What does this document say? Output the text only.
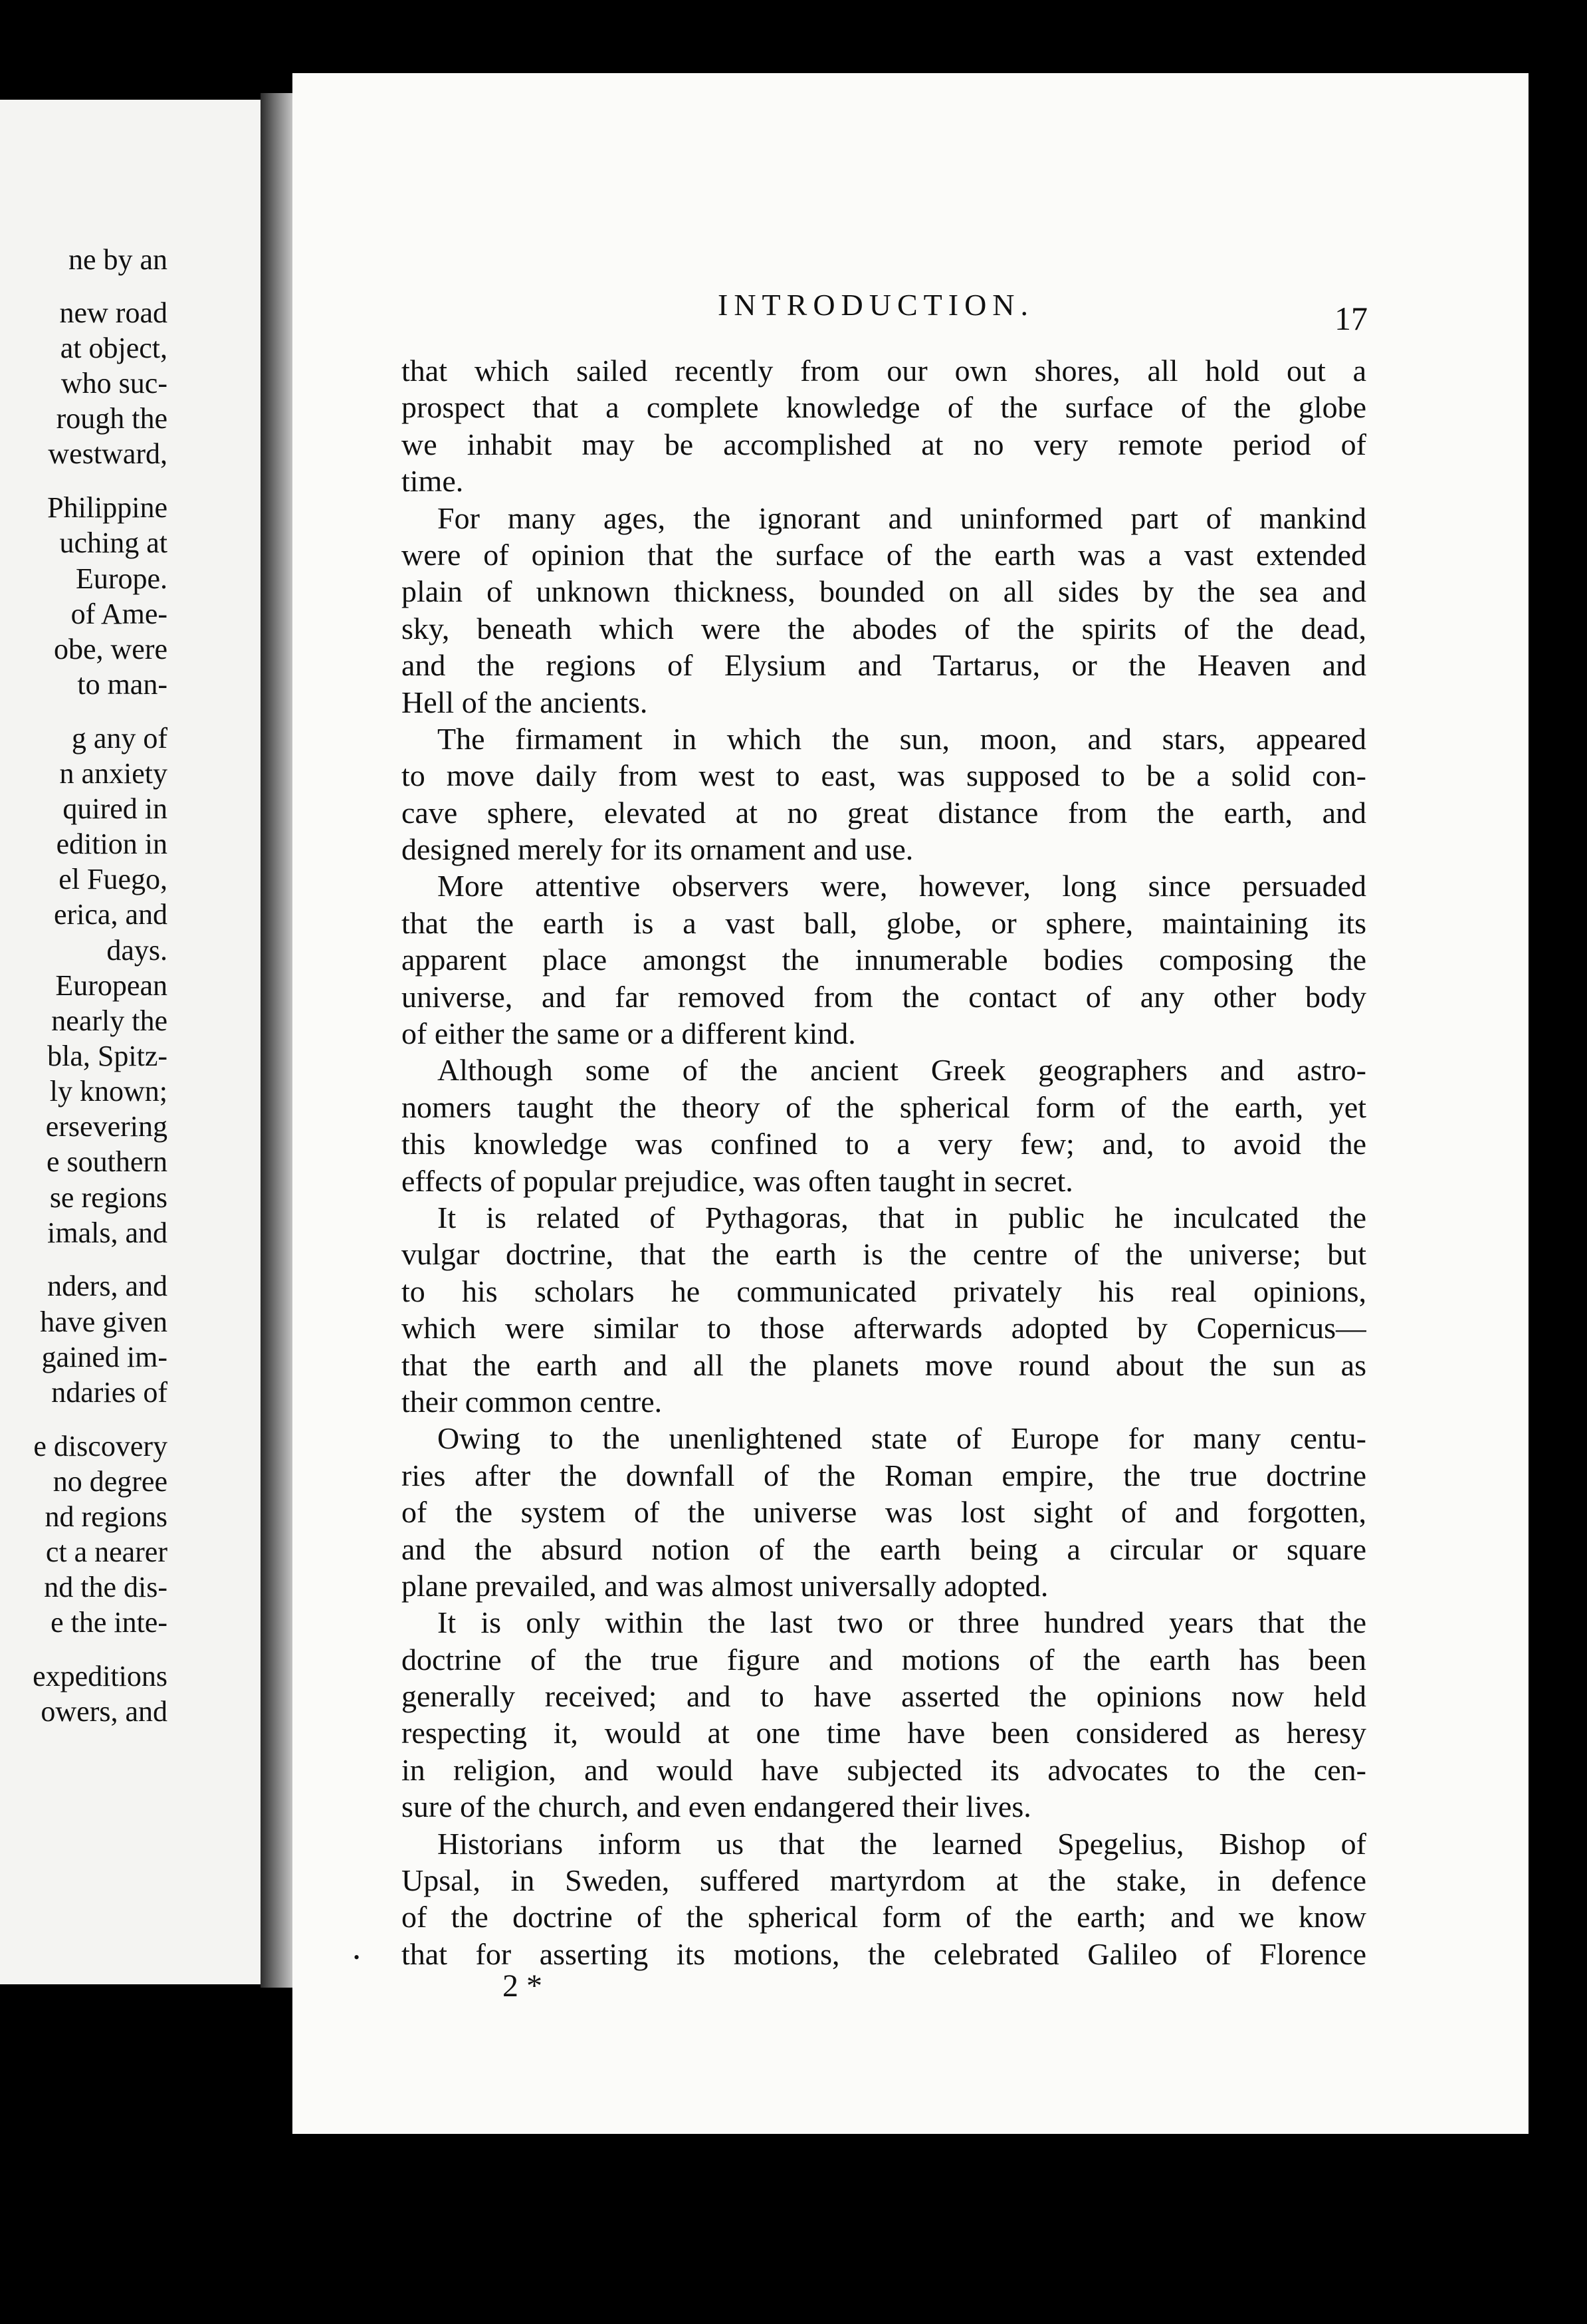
ne by an
new road
at object,
who suc-
rough the
westward,
Philippine
uching at
Europe.
of Ame-
obe, were
to man-
g any of
n anxiety
quired in
edition in
el Fuego,
erica, and
days.
European
nearly the
bla, Spitz-
ly known;
ersevering
e southern
se regions
imals, and
nders, and
have given
gained im-
ndaries of
e discovery
no degree
nd regions
ct a nearer
nd the dis-
e the inte-
expeditions
owers, and
INTRODUCTION.	17
that which sailed recently from our own shores, all hold out a
prospect that a complete knowledge of the surface of the globe
we inhabit may be accomplished at no very remote period of
time.
For many ages, the ignorant and uninformed part of mankind
were of opinion that the surface of the earth was a vast extended
plain of unknown thickness, bounded on all sides by the sea and
sky, beneath which were the abodes of the spirits of the dead,
and the regions of Elysium and Tartarus, or the Heaven and
Hell of the ancients.
The firmament in which the sun, moon, and stars, appeared
to move daily from west to east, was supposed to be a solid con-
cave sphere, elevated at no great distance from the earth, and
designed merely for its ornament and use.
More attentive observers were, however, long since persuaded
that the earth is a vast ball, globe, or sphere, maintaining its
apparent place amongst the innumerable bodies composing the
universe, and far removed from the contact of any other body
of either the same or a different kind.
Although some of the ancient Greek geographers and astro-
nomers taught the theory of the spherical form of the earth, yet
this knowledge was confined to a very few; and, to avoid the
effects of popular prejudice, was often taught in secret.
It is related of Pythagoras, that in public he inculcated the
vulgar doctrine, that the earth is the centre of the universe; but
to his scholars he communicated privately his real opinions,
which were similar to those afterwards adopted by Copernicus—
that the earth and all the planets move round about the sun as
their common centre.
Owing to the unenlightened state of Europe for many centu-
ries after the downfall of the Roman empire, the true doctrine
of the system of the universe was lost sight of and forgotten,
and the absurd notion of the earth being a circular or square
plane prevailed, and was almost universally adopted.
It is only within the last two or three hundred years that the
doctrine of the true figure and motions of the earth has been
generally received; and to have asserted the opinions now held
respecting it, would at one time have been considered as heresy
in religion, and would have subjected its advocates to the cen-
sure of the church, and even endangered their lives.
Historians inform us that the learned Spegelius, Bishop of
Upsal, in Sweden, suffered martyrdom at the stake, in defence
of the doctrine of the spherical form of the earth; and we know
that for asserting its motions, the celebrated Galileo of Florence
•
2 *
